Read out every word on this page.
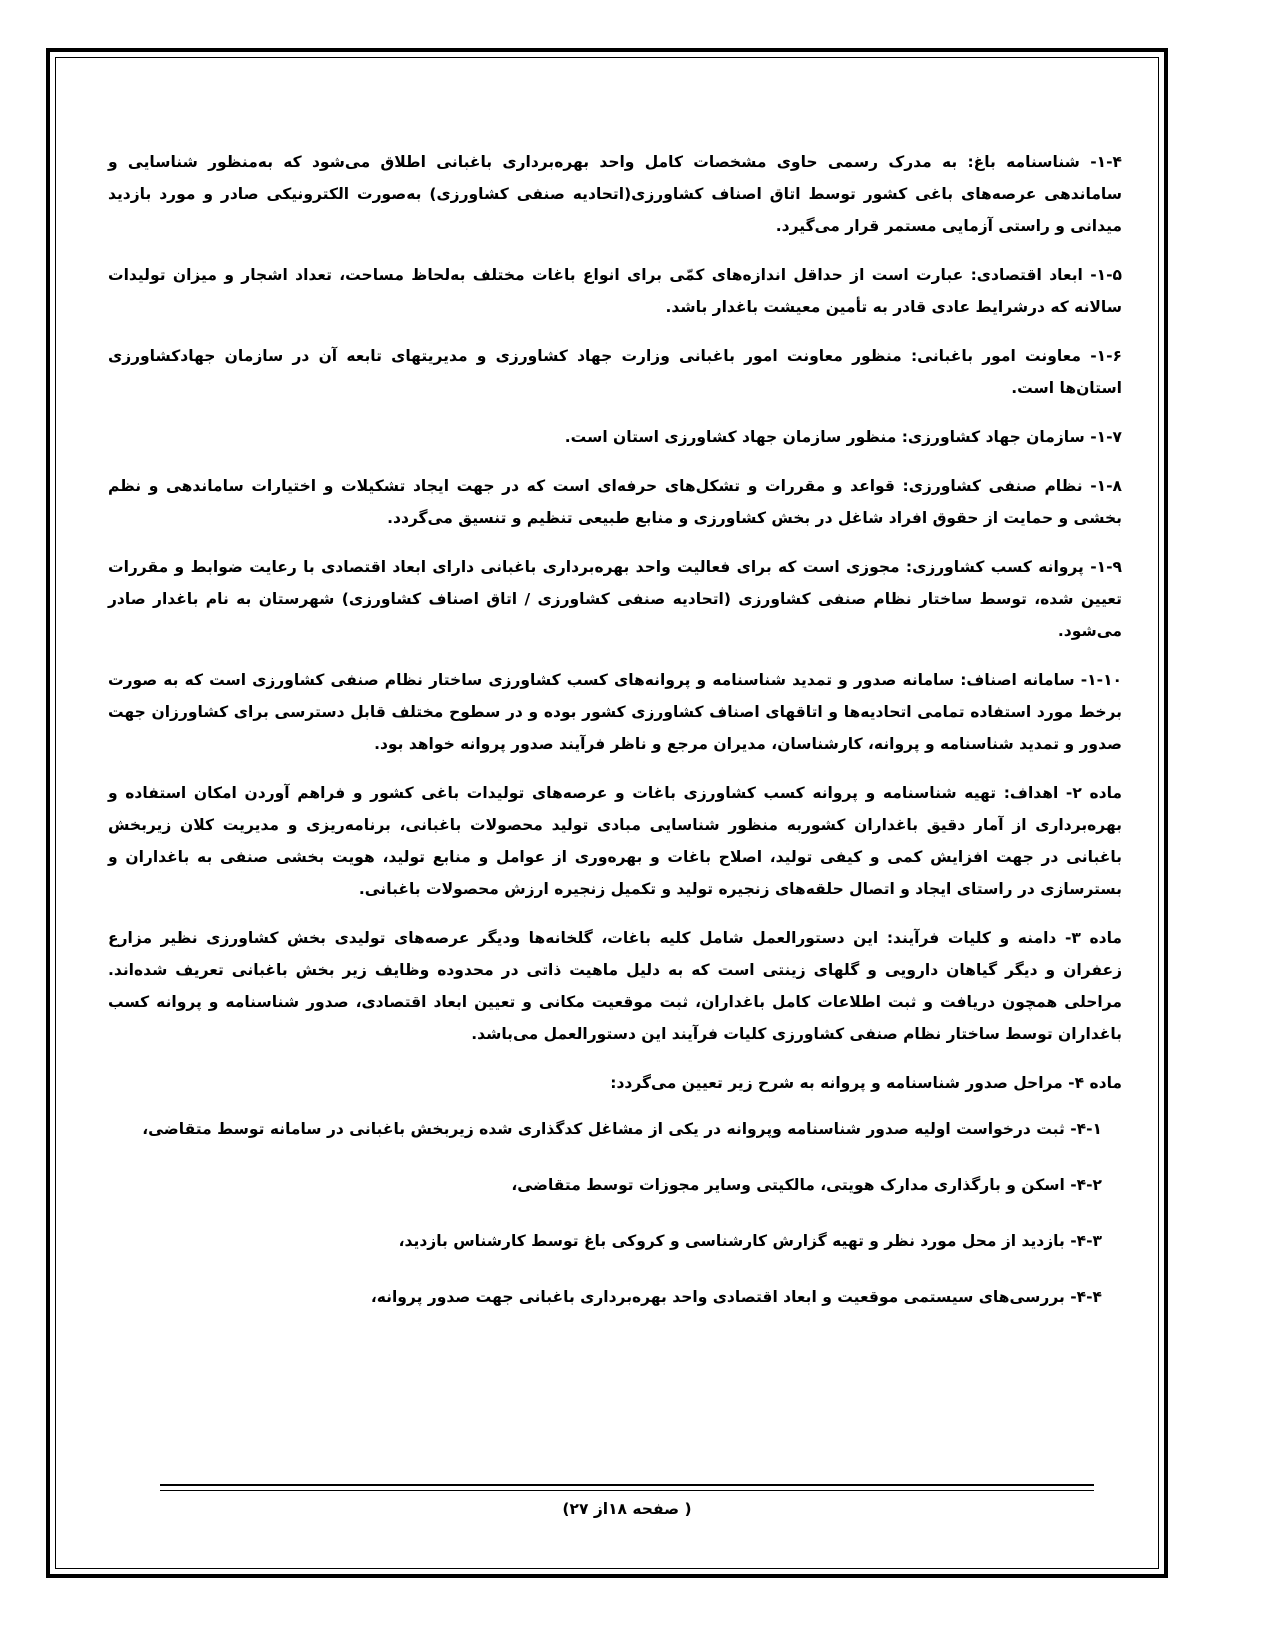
۱-۴- شناسنامه باغ: به مدرک رسمی حاوی مشخصات کامل واحد بهره‌برداری باغبانی اطلاق می‌شود که به‌منظور شناسایی و ساماندهی عرصه‌های باغی کشور توسط اتاق اصناف کشاورزی(اتحادیه صنفی کشاورزی) به‌صورت الکترونیکی صادر و مورد بازدید میدانی و راستی آزمایی مستمر قرار می‌گیرد.

۱-۵- ابعاد اقتصادی: عبارت است از حداقل اندازه‌های کمّی برای انواع باغات مختلف به‌لحاظ مساحت، تعداد اشجار و میزان تولیدات سالانه که درشرایط عادی قادر به تأمین معیشت باغدار باشد.

۱-۶- معاونت امور باغبانی: منظور معاونت امور باغبانی وزارت جهاد کشاورزی و مدیریتهای تابعه آن در سازمان جهادکشاورزی استان‌ها است.

۱-۷- سازمان جهاد کشاورزی: منظور سازمان جهاد کشاورزی استان است.

۱-۸- نظام صنفی کشاورزی: قواعد و مقررات و تشکل‌های حرفه‌ای است که در جهت ایجاد تشکیلات و اختیارات ساماندهی و نظم بخشی و حمایت از حقوق افراد شاغل در بخش کشاورزی و منابع طبیعی تنظیم و تنسیق می‌گردد.

۱-۹- پروانه کسب کشاورزی: مجوزی است که برای فعالیت واحد بهره‌برداری باغبانی دارای ابعاد اقتصادی با رعایت ضوابط و مقررات تعیین شده، توسط ساختار نظام صنفی کشاورزی (اتحادیه صنفی کشاورزی / اتاق اصناف کشاورزی) شهرستان به نام باغدار صادر می‌شود.

۱-۱۰- سامانه اصناف: سامانه صدور و تمدید شناسنامه و پروانه‌های کسب کشاورزی ساختار نظام صنفی کشاورزی است که به صورت برخط مورد استفاده تمامی اتحادیه‌ها و اتاقهای اصناف کشاورزی کشور بوده و در سطوح مختلف قابل دسترسی برای کشاورزان جهت صدور و تمدید شناسنامه و پروانه، کارشناسان، مدیران مرجع و ناظر فرآیند صدور پروانه خواهد بود.

ماده ۲- اهداف: تهیه شناسنامه و پروانه کسب کشاورزی باغات و عرصه‌های تولیدات باغی کشور و فراهم آوردن امکان استفاده و بهره‌برداری از آمار دقیق باغداران کشوربه منظور شناسایی مبادی تولید محصولات باغبانی، برنامه‌ریزی و مدیریت کلان زیربخش باغبانی در جهت افزایش کمی و کیفی تولید، اصلاح باغات و بهره‌وری از عوامل و منابع تولید، هویت بخشی صنفی به باغداران و بسترسازی در راستای ایجاد و اتصال حلقه‌های زنجیره تولید و تکمیل زنجیره ارزش محصولات باغبانی.

ماده ۳- دامنه و کلیات فرآیند: این دستورالعمل شامل کلیه باغات، گلخانه‌ها ودیگر عرصه‌های تولیدی بخش کشاورزی نظیر مزارع زعفران و دیگر گیاهان دارویی و گلهای زینتی است که به دلیل ماهیت ذاتی در محدوده وظایف زیر بخش باغبانی تعریف شده‌اند. مراحلی همچون دریافت و ثبت اطلاعات کامل باغداران، ثبت موقعیت مکانی و تعیین ابعاد اقتصادی، صدور شناسنامه و پروانه کسب باغداران توسط ساختار نظام صنفی کشاورزی کلیات فرآیند این دستورالعمل می‌باشد.

ماده ۴- مراحل صدور شناسنامه و پروانه به شرح زیر تعیین می‌گردد:

۴-۱- ثبت درخواست اولیه صدور شناسنامه وپروانه در یکی از مشاغل کدگذاری شده زیربخش باغبانی در سامانه توسط متقاضی،

۴-۲- اسکن و بارگذاری مدارک هویتی، مالکیتی وسایر مجوزات توسط متقاضی،

۴-۳- بازدید از محل مورد نظر و تهیه گزارش کارشناسی و کروکی باغ توسط کارشناس بازدید،

۴-۴- بررسی‌های سیستمی موقعیت و ابعاد اقتصادی واحد بهره‌برداری باغبانی جهت صدور پروانه،

( صفحه ۱۸از ۲۷)
